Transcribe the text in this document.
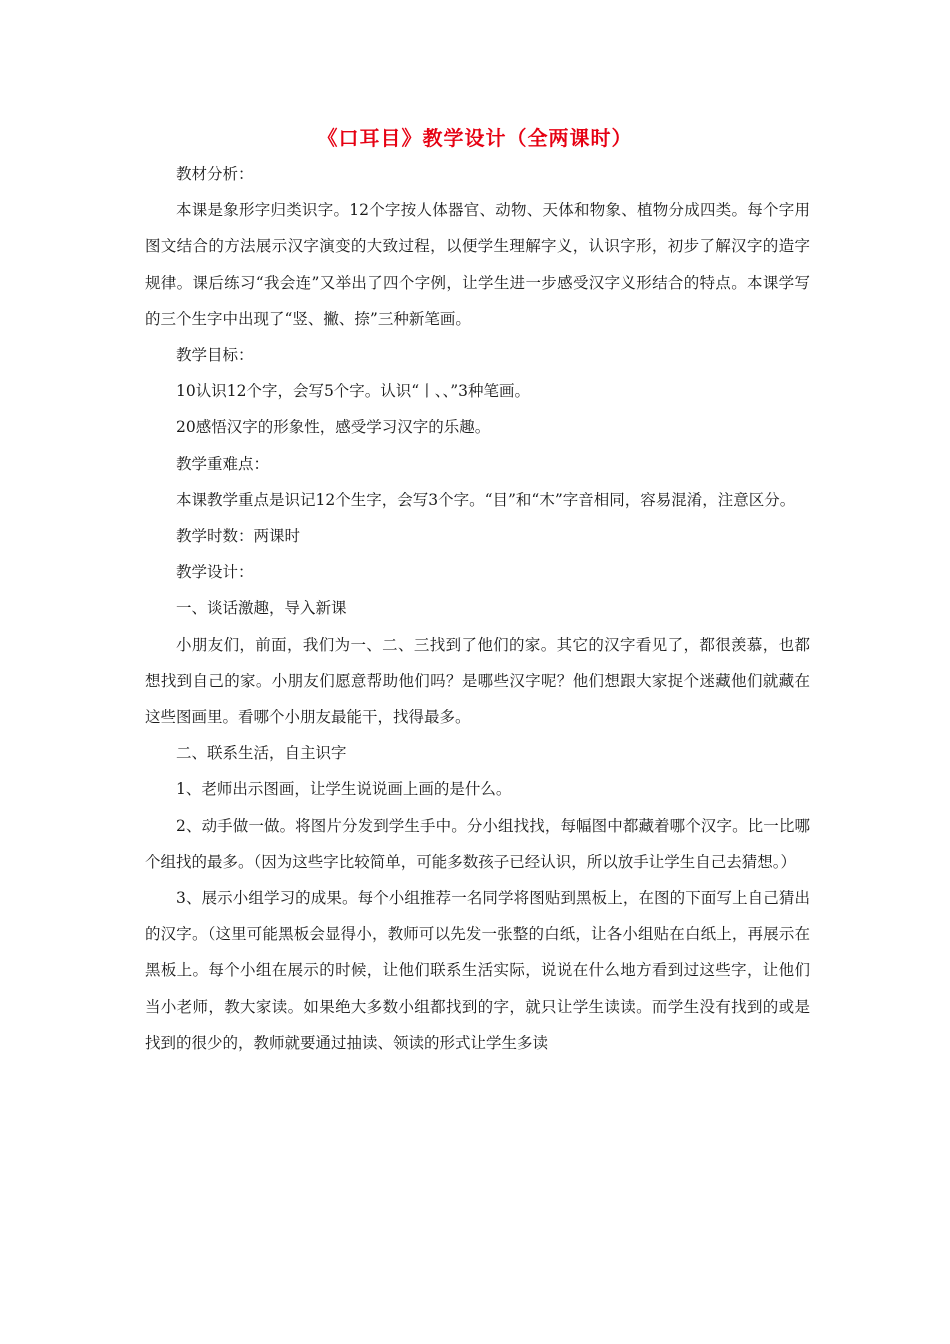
《口耳目》教学设计（全两课时）

教材分析：

本课是象形字归类识字。12个字按人体器官、动物、天体和物象、植物分成四类。每个字用图文结合的方法展示汉字演变的大致过程，以便学生理解字义，认识字形，初步了解汉字的造字规律。课后练习“我会连”又举出了四个字例，让学生进一步感受汉字义形结合的特点。本课学写的三个生字中出现了“竖、撇、捺”三种新笔画。

教学目标：

10认识12个字，会写5个字。认识“丨、、”3种笔画。

20感悟汉字的形象性，感受学习汉字的乐趣。

教学重难点：

本课教学重点是识记12个生字，会写3个字。“目”和“木”字音相同，容易混淆，注意区分。

教学时数：两课时

教学设计：

一、谈话激趣，导入新课

小朋友们，前面，我们为一、二、三找到了他们的家。其它的汉字看见了，都很羡慕，也都想找到自己的家。小朋友们愿意帮助他们吗？是哪些汉字呢？他们想跟大家捉个迷藏他们就藏在这些图画里。看哪个小朋友最能干，找得最多。

二、联系生活，自主识字

1、老师出示图画，让学生说说画上画的是什么。

2、动手做一做。将图片分发到学生手中。分小组找找，每幅图中都藏着哪个汉字。比一比哪个组找的最多。（因为这些字比较简单，可能多数孩子已经认识，所以放手让学生自己去猜想。）

3、展示小组学习的成果。每个小组推荐一名同学将图贴到黑板上，在图的下面写上自己猜出的汉字。（这里可能黑板会显得小，教师可以先发一张整的白纸，让各小组贴在白纸上，再展示在黑板上。每个小组在展示的时候，让他们联系生活实际，说说在什么地方看到过这些字，让他们当小老师，教大家读。如果绝大多数小组都找到的字，就只让学生读读。而学生没有找到的或是找到的很少的，教师就要通过抽读、领读的形式让学生多读
